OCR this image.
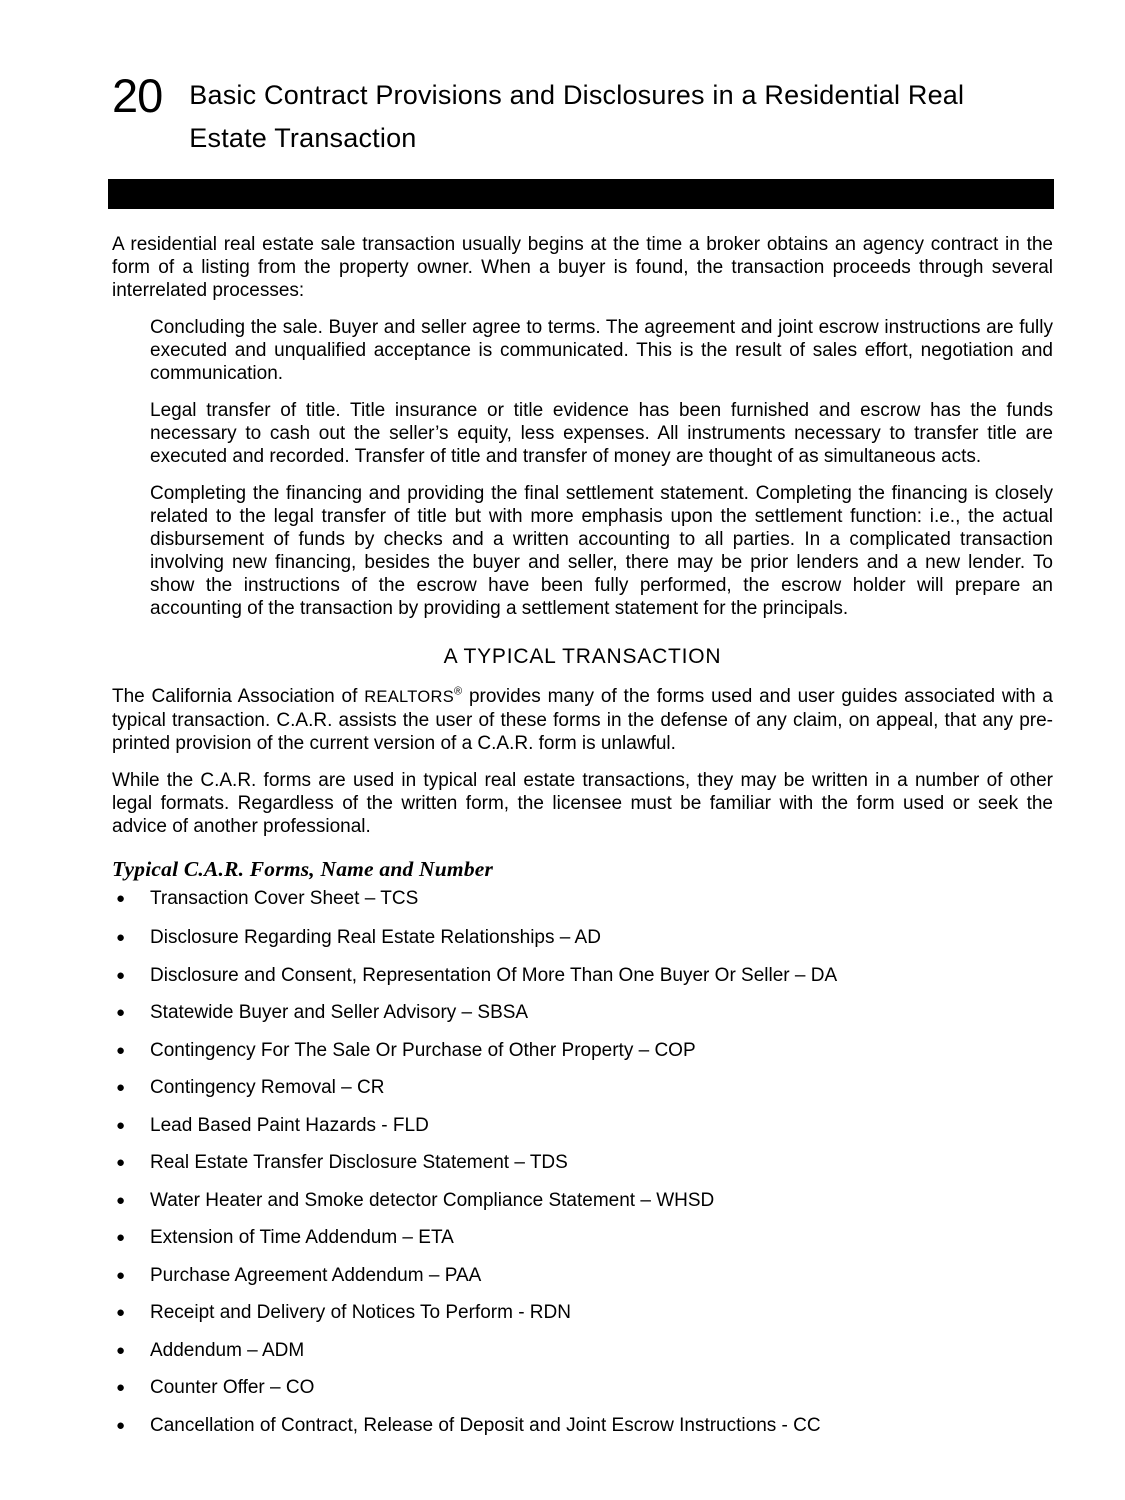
20 Basic Contract Provisions and Disclosures in a Residential Real Estate Transaction

A residential real estate sale transaction usually begins at the time a broker obtains an agency contract in the form of a listing from the property owner. When a buyer is found, the transaction proceeds through several interrelated processes:

Concluding the sale. Buyer and seller agree to terms. The agreement and joint escrow instructions are fully executed and unqualified acceptance is communicated. This is the result of sales effort, negotiation and communication.

Legal transfer of title. Title insurance or title evidence has been furnished and escrow has the funds necessary to cash out the seller’s equity, less expenses. All instruments necessary to transfer title are executed and recorded. Transfer of title and transfer of money are thought of as simultaneous acts.

Completing the financing and providing the final settlement statement. Completing the financing is closely related to the legal transfer of title but with more emphasis upon the settlement function: i.e., the actual disbursement of funds by checks and a written accounting to all parties. In a complicated transaction involving new financing, besides the buyer and seller, there may be prior lenders and a new lender. To show the instructions of the escrow have been fully performed, the escrow holder will prepare an accounting of the transaction by providing a settlement statement for the principals.

A TYPICAL TRANSACTION

The California Association of REALTORS® provides many of the forms used and user guides associated with a typical transaction. C.A.R. assists the user of these forms in the defense of any claim, on appeal, that any pre-printed provision of the current version of a C.A.R. form is unlawful.

While the C.A.R. forms are used in typical real estate transactions, they may be written in a number of other legal formats. Regardless of the written form, the licensee must be familiar with the form used or seek the advice of another professional.

Typical C.A.R. Forms, Name and Number
●	Transaction Cover Sheet – TCS
●	Disclosure Regarding Real Estate Relationships – AD
●	Disclosure and Consent, Representation Of More Than One Buyer Or Seller – DA
●	Statewide Buyer and Seller Advisory – SBSA
●	Contingency For The Sale Or Purchase of Other Property – COP
●	Contingency Removal – CR
●	Lead Based Paint Hazards - FLD
●	Real Estate Transfer Disclosure Statement – TDS
●	Water Heater and Smoke detector Compliance Statement – WHSD
●	Extension of Time Addendum – ETA
●	Purchase Agreement Addendum – PAA
●	Receipt and Delivery of Notices To Perform - RDN
●	Addendum – ADM
●	Counter Offer – CO
●	Cancellation of Contract, Release of Deposit and Joint Escrow Instructions - CC
